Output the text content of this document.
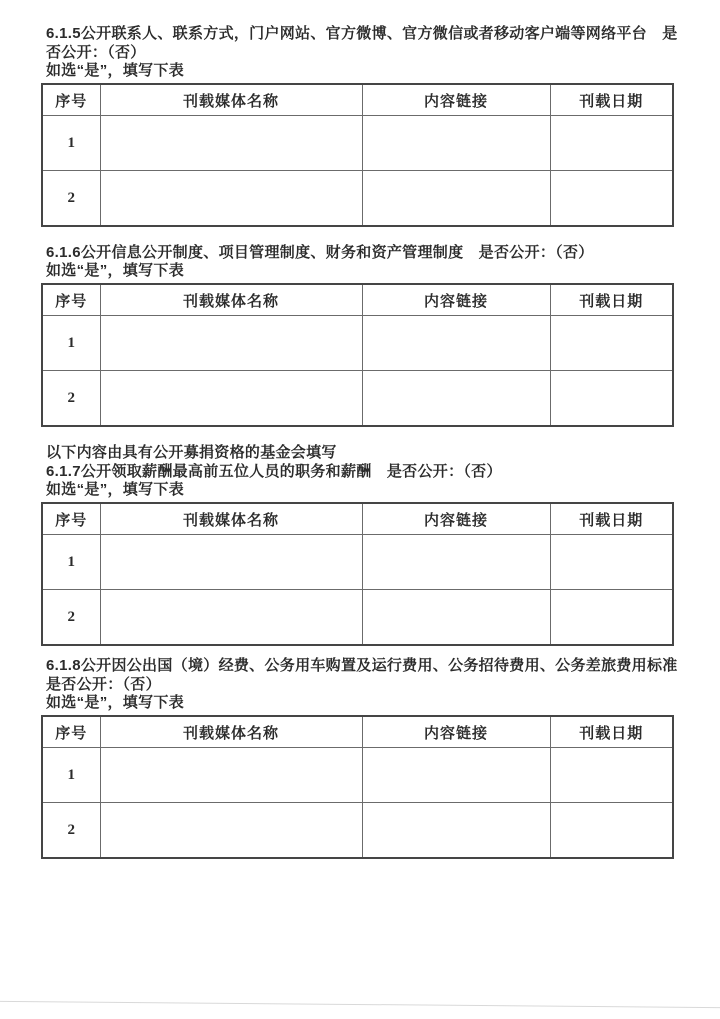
6.1.5公开联系人、联系方式，门户网站、官方微博、官方微信或者移动客户端等网络平台　是否公开：（否）

如选“是”，填写下表

序号	刊载媒体名称	内容链接	刊载日期
1			
2			

6.1.6公开信息公开制度、项目管理制度、财务和资产管理制度　是否公开：（否）

如选“是”，填写下表

序号	刊载媒体名称	内容链接	刊载日期
1			
2			

以下内容由具有公开募捐资格的基金会填写

6.1.7公开领取薪酬最高前五位人员的职务和薪酬　是否公开：（否）

如选“是”，填写下表

序号	刊载媒体名称	内容链接	刊载日期
1			
2			

6.1.8公开因公出国（境）经费、公务用车购置及运行费用、公务招待费用、公务差旅费用标准　是否公开：（否）

如选“是”，填写下表

序号	刊载媒体名称	内容链接	刊载日期
1			
2			
